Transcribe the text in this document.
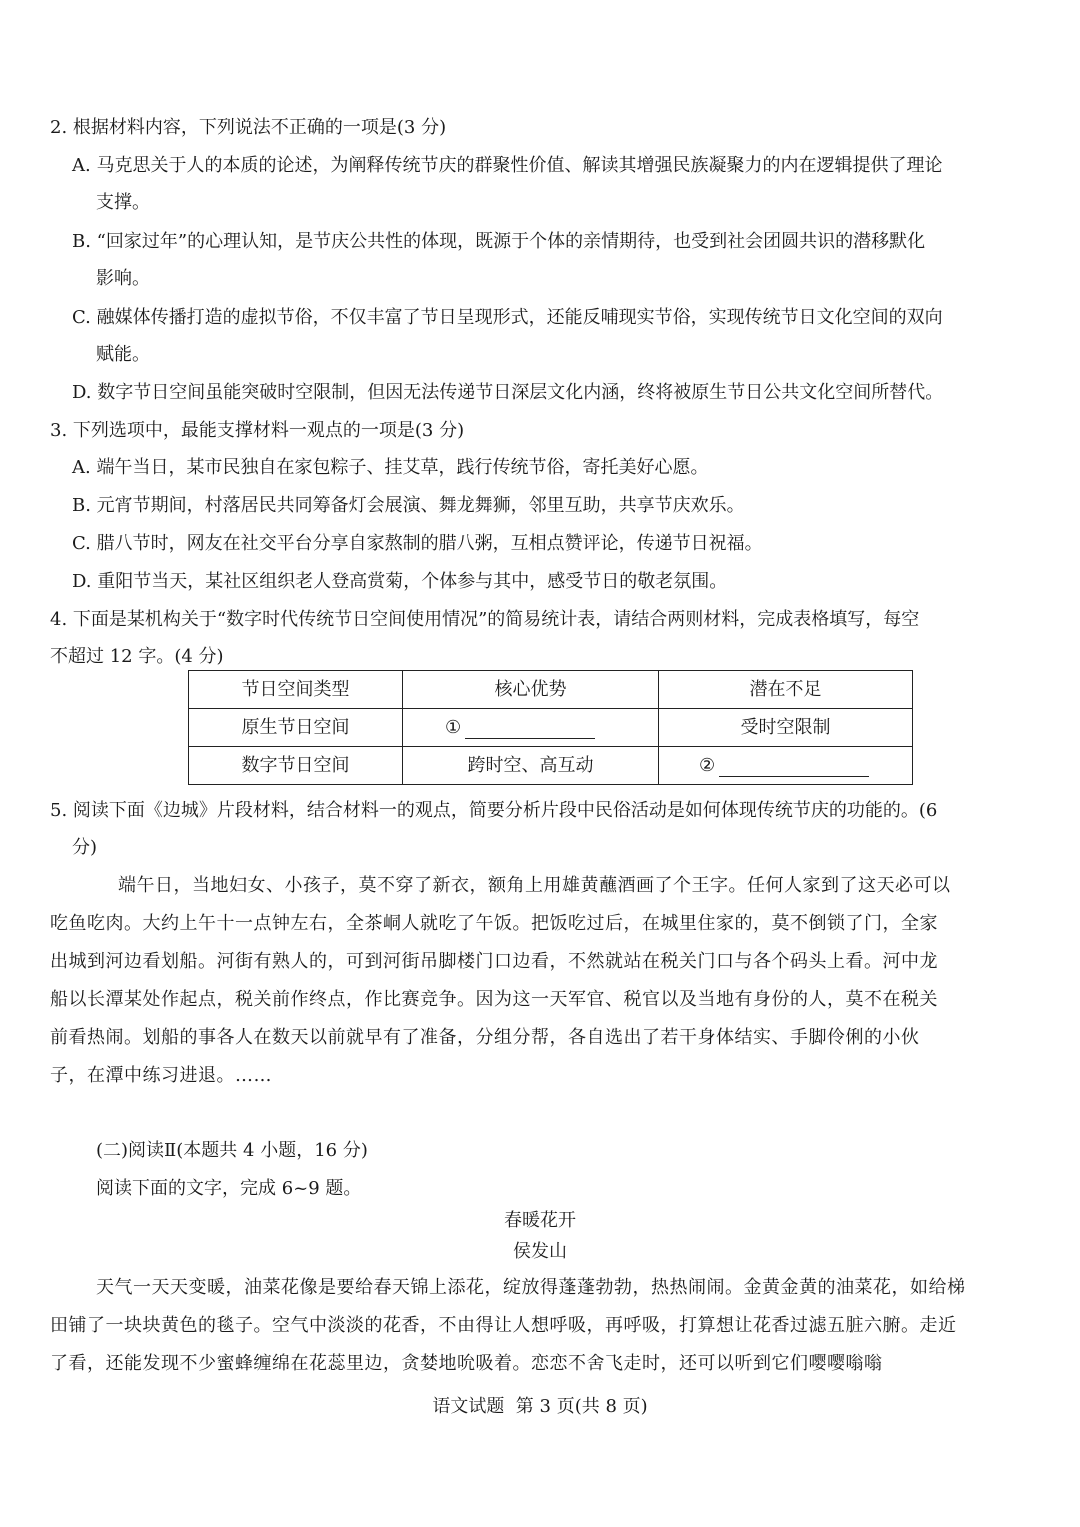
2. 根据材料内容，下列说法不正确的一项是(3 分)
A. 马克思关于人的本质的论述，为阐释传统节庆的群聚性价值、解读其增强民族凝聚力的内在逻辑提供了理论
支撑。
B. “回家过年”的心理认知，是节庆公共性的体现，既源于个体的亲情期待，也受到社会团圆共识的潜移默化
影响。
C. 融媒体传播打造的虚拟节俗，不仅丰富了节日呈现形式，还能反哺现实节俗，实现传统节日文化空间的双向
赋能。
D. 数字节日空间虽能突破时空限制，但因无法传递节日深层文化内涵，终将被原生节日公共文化空间所替代。
3. 下列选项中，最能支撑材料一观点的一项是(3 分)
A. 端午当日，某市民独自在家包粽子、挂艾草，践行传统节俗，寄托美好心愿。
B. 元宵节期间，村落居民共同筹备灯会展演、舞龙舞狮，邻里互助，共享节庆欢乐。
C. 腊八节时，网友在社交平台分享自家熬制的腊八粥，互相点赞评论，传递节日祝福。
D. 重阳节当天，某社区组织老人登高赏菊，个体参与其中，感受节日的敬老氛围。
4. 下面是某机构关于“数字时代传统节日空间使用情况”的简易统计表，请结合两则材料，完成表格填写，每空
不超过 12 字。(4 分)
节日空间类型	核心优势	潜在不足
原生节日空间	①	受时空限制
数字节日空间	跨时空、高互动	②
5. 阅读下面《边城》片段材料，结合材料一的观点，简要分析片段中民俗活动是如何体现传统节庆的功能的。(6
分)
端午日，当地妇女、小孩子，莫不穿了新衣，额角上用雄黄蘸酒画了个王字。任何人家到了这天必可以
吃鱼吃肉。大约上午十一点钟左右，全茶峒人就吃了午饭。把饭吃过后，在城里住家的，莫不倒锁了门，全家
出城到河边看划船。河街有熟人的，可到河街吊脚楼门口边看，不然就站在税关门口与各个码头上看。河中龙
船以长潭某处作起点，税关前作终点，作比赛竞争。因为这一天军官、税官以及当地有身份的人，莫不在税关
前看热闹。划船的事各人在数天以前就早有了准备，分组分帮，各自选出了若干身体结实、手脚伶俐的小伙
子，在潭中练习进退。……
(二)阅读Ⅱ(本题共 4 小题，16 分)
阅读下面的文字，完成 6~9 题。
春暖花开
侯发山
天气一天天变暖，油菜花像是要给春天锦上添花，绽放得蓬蓬勃勃，热热闹闹。金黄金黄的油菜花，如给梯
田铺了一块块黄色的毯子。空气中淡淡的花香，不由得让人想呼吸，再呼吸，打算想让花香过滤五脏六腑。走近
了看，还能发现不少蜜蜂缠绵在花蕊里边，贪婪地吮吸着。恋恋不舍飞走时，还可以听到它们嘤嘤嗡嗡
语文试题  第 3 页(共 8 页)
